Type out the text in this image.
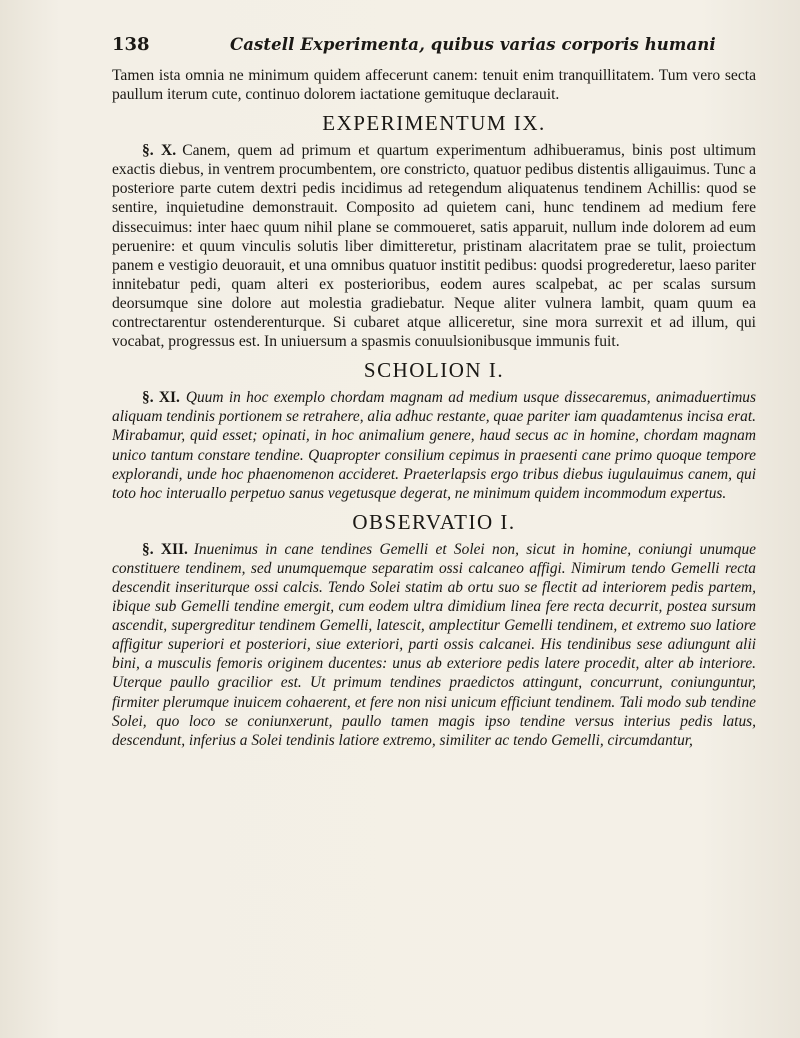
138	Castell Experimenta, quibus varias corporis humani

Tamen ista omnia ne minimum quidem affecerunt canem: tenuit enim tranquillitatem. Tum vero secta paullum iterum cute, continuo dolorem iactatione gemituque declarauit.

EXPERIMENTUM IX.

§. X. Canem, quem ad primum et quartum experimentum adhibueramus, binis post ultimum exactis diebus, in ventrem procumbentem, ore constricto, quatuor pedibus distentis alligauimus. Tunc a posteriore parte cutem dextri pedis incidimus ad retegendum aliquatenus tendinem Achillis: quod se sentire, inquietudine demonstrauit. Composito ad quietem cani, hunc tendinem ad medium fere dissecuimus: inter haec quum nihil plane se commoueret, satis apparuit, nullum inde dolorem ad eum peruenire: et quum vinculis solutis liber dimitteretur, pristinam alacritatem prae se tulit, proiectum panem e vestigio deuorauit, et una omnibus quatuor institit pedibus: quodsi progrederetur, laeso pariter innitebatur pedi, quam alteri ex posterioribus, eodem aures scalpebat, ac per scalas sursum deorsumque sine dolore aut molestia gradiebatur. Neque aliter vulnera lambit, quam quum ea contrectarentur ostenderenturque. Si cubaret atque alliceretur, sine mora surrexit et ad illum, qui vocabat, progressus est. In uniuersum a spasmis conuulsionibusque immunis fuit.

SCHOLION I.

§. XI. Quum in hoc exemplo chordam magnam ad medium usque dissecaremus, animaduertimus aliquam tendinis portionem se retrahere, alia adhuc restante, quae pariter iam quadamtenus incisa erat. Mirabamur, quid esset; opinati, in hoc animalium genere, haud secus ac in homine, chordam magnam unico tantum constare tendine. Quapropter consilium cepimus in praesenti cane primo quoque tempore explorandi, unde hoc phaenomenon accideret. Praeterlapsis ergo tribus diebus iugulauimus canem, qui toto hoc interuallo perpetuo sanus vegetusque degerat, ne minimum quidem incommodum expertus.

OBSERVATIO I.

§. XII. Inuenimus in cane tendines Gemelli et Solei non, sicut in homine, coniungi unumque constituere tendinem, sed unumquemque separatim ossi calcaneo affigi. Nimirum tendo Gemelli recta descendit inseriturque ossi calcis. Tendo Solei statim ab ortu suo se flectit ad interiorem pedis partem, ibique sub Gemelli tendine emergit, cum eodem ultra dimidium linea fere recta decurrit, postea sursum ascendit, supergreditur tendinem Gemelli, latescit, amplectitur Gemelli tendinem, et extremo suo latiore affigitur superiori et posteriori, siue exteriori, parti ossis calcanei. His tendinibus sese adiungunt alii bini, a musculis femoris originem ducentes: unus ab exteriore pedis latere procedit, alter ab interiore. Uterque paullo gracilior est. Ut primum tendines praedictos attingunt, concurrunt, coniunguntur, firmiter plerumque inuicem cohaerent, et fere non nisi unicum efficiunt tendinem. Tali modo sub tendine Solei, quo loco se coniunxerunt, paullo tamen magis ipso tendine versus interius pedis latus, descendunt, inferius a Solei tendinis latiore extremo, similiter ac tendo Gemelli, circumdantur,
